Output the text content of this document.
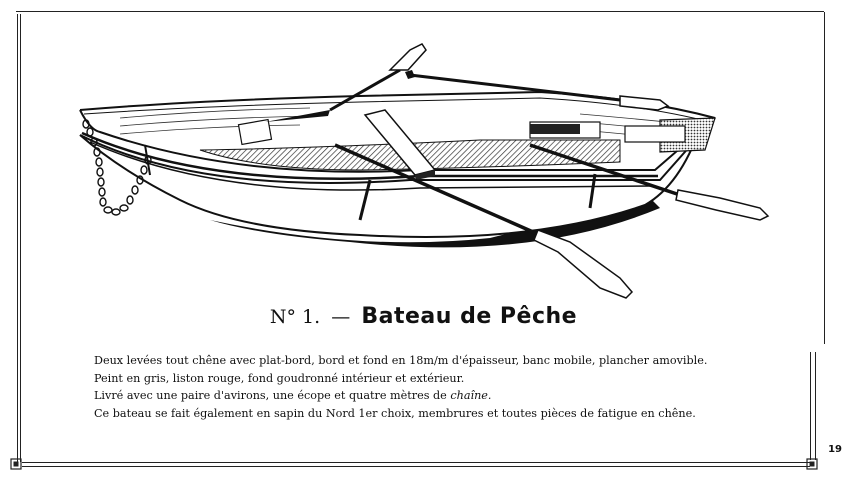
N° 1. — Bateau de Pêche
Deux levées tout chêne avec plat-bord, bord et fond en 18m/m d'épaisseur, banc mobile, plancher amovible.
Peint en gris, liston rouge, fond goudronné intérieur et extérieur.
Livré avec une paire d'avirons, une écope et quatre mètres de chaîne.
Ce bateau se fait également en sapin du Nord 1er choix, membrures et toutes pièces de fatigue en chêne.
19
